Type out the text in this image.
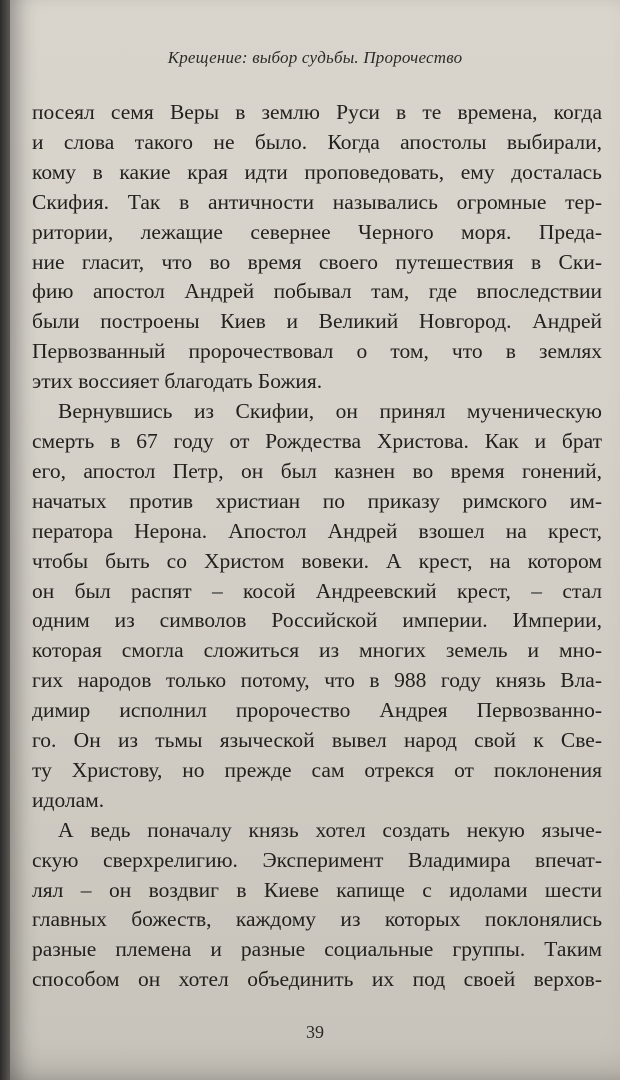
Крещение: выбор судьбы. Пророчество

посеял семя Веры в землю Руси в те времена, когда
и слова такого не было. Когда апостолы выбирали,
кому в какие края идти проповедовать, ему досталась
Скифия. Так в античности назывались огромные тер-
ритории, лежащие севернее Черного моря. Преда-
ние гласит, что во время своего путешествия в Ски-
фию апостол Андрей побывал там, где впоследствии
были построены Киев и Великий Новгород. Андрей
Первозванный пророчествовал о том, что в землях
этих воссияет благодать Божия.

Вернувшись из Скифии, он принял мученическую
смерть в 67 году от Рождества Христова. Как и брат
его, апостол Петр, он был казнен во время гонений,
начатых против христиан по приказу римского им-
ператора Нерона. Апостол Андрей взошел на крест,
чтобы быть со Христом вовеки. А крест, на котором
он был распят – косой Андреевский крест, – стал
одним из символов Российской империи. Империи,
которая смогла сложиться из многих земель и мно-
гих народов только потому, что в 988 году князь Вла-
димир исполнил пророчество Андрея Первозванно-
го. Он из тьмы языческой вывел народ свой к Све-
ту Христову, но прежде сам отрекся от поклонения
идолам.

А ведь поначалу князь хотел создать некую языче-
скую сверхрелигию. Эксперимент Владимира впечат-
лял – он воздвиг в Киеве капище с идолами шести
главных божеств, каждому из которых поклонялись
разные племена и разные социальные группы. Таким
способом он хотел объединить их под своей верхов-

39
